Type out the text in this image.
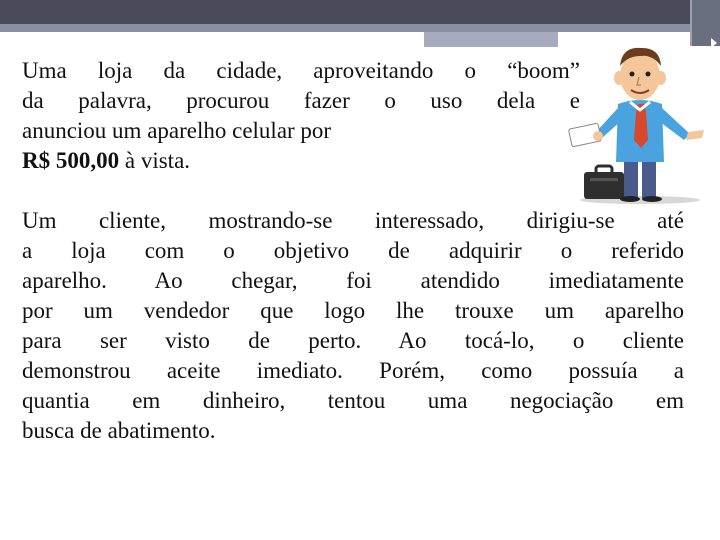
Uma loja da cidade, aproveitando o “boom”
da palavra, procurou fazer o uso dela e
anunciou um aparelho celular por
R$ 500,00 à vista.
Um cliente, mostrando-se interessado, dirigiu-se até
a loja com o objetivo de adquirir o referido
aparelho. Ao chegar, foi atendido imediatamente
por um vendedor que logo lhe trouxe um aparelho
para ser visto de perto. Ao tocá-lo, o cliente
demonstrou aceite imediato. Porém, como possuía a
quantia em dinheiro, tentou uma negociação em
busca de abatimento.
